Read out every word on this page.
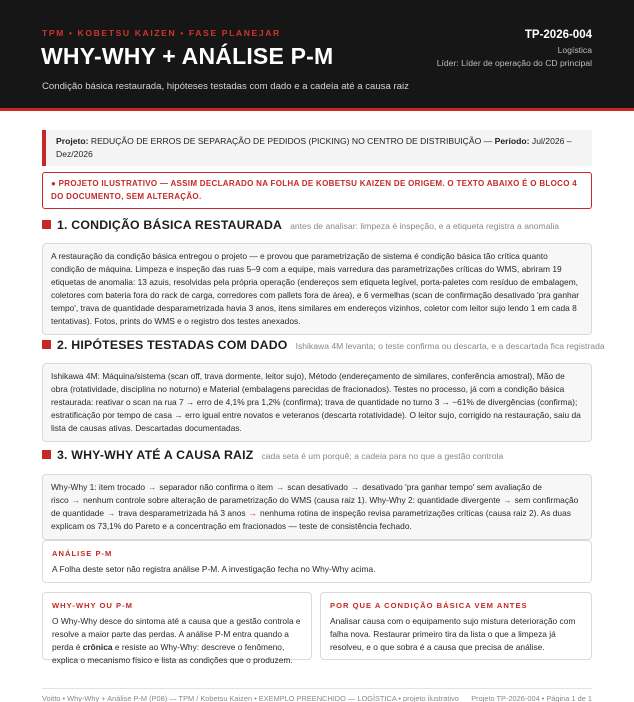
TPM • KOBETSU KAIZEN • FASE PLANEJAR
WHY-WHY + ANÁLISE P-M
Condição básica restaurada, hipóteses testadas com dado e a cadeia até a causa raiz
TP-2026-004
Logística
Líder: Líder de operação do CD principal
Projeto: REDUÇÃO DE ERROS DE SEPARAÇÃO DE PEDIDOS (PICKING) NO CENTRO DE DISTRIBUIÇÃO — Período: Jul/2026 – Dez/2026
● PROJETO ILUSTRATIVO — ASSIM DECLARADO NA FOLHA DE KOBETSU KAIZEN DE ORIGEM. O TEXTO ABAIXO É O BLOCO 4 DO DOCUMENTO, SEM ALTERAÇÃO.
1. CONDIÇÃO BÁSICA RESTAURADA antes de analisar: limpeza é inspeção, e a etiqueta registra a anomalia
A restauração da condição básica entregou o projeto — e provou que parametrização de sistema é condição básica tão crítica quanto condição de máquina. Limpeza e inspeção das ruas 5–9 com a equipe, mais varredura das parametrizações críticas do WMS, abriram 19 etiquetas de anomalia: 13 azuis, resolvidas pela própria operação (endereços sem etiqueta legível, porta-paletes com resíduo de embalagem, coletores com bateria fora do rack de carga, corredores com pallets fora de área), e 6 vermelhas (scan de confirmação desativado 'pra ganhar tempo', trava de quantidade desparametrizada havia 3 anos, itens similares em endereços vizinhos, coletor com leitor sujo lendo 1 em cada 8 tentativas). Fotos, prints do WMS e o registro dos testes anexados.
2. HIPÓTESES TESTADAS COM DADO Ishikawa 4M levanta; o teste confirma ou descarta, e a descartada fica registrada
Ishikawa 4M: Máquina/sistema (scan off, trava dormente, leitor sujo), Método (endereçamento de similares, conferência amostral), Mão de obra (rotatividade, disciplina no noturno) e Material (embalagens parecidas de fracionados). Testes no processo, já com a condição básica restaurada: reativar o scan na rua 7 → erro de 4,1% pra 1,2% (confirma); trava de quantidade no turno 3 → −61% de divergências (confirma); estratificação por tempo de casa → erro igual entre novatos e veteranos (descarta rotatividade). O leitor sujo, corrigido na restauração, saiu da lista de causas ativas. Descartadas documentadas.
3. WHY-WHY ATÉ A CAUSA RAIZ cada seta é um porquê; a cadeia para no que a gestão controla
Why-Why 1: item trocado → separador não confirma o item → scan desativado → desativado 'pra ganhar tempo' sem avaliação de risco → nenhum controle sobre alteração de parametrização do WMS (causa raiz 1). Why-Why 2: quantidade divergente → sem confirmação de quantidade → trava desparametrizada há 3 anos → nenhuma rotina de inspeção revisa parametrizações críticas (causa raiz 2). As duas explicam os 73,1% do Pareto e a concentração em fracionados — teste de consistência fechado.
ANÁLISE P-M
A Folha deste setor não registra análise P-M. A investigação fecha no Why-Why acima.
WHY-WHY OU P-M
O Why-Why desce do sintoma até a causa que a gestão controla e resolve a maior parte das perdas. A análise P-M entra quando a perda é crônica e resiste ao Why-Why: descreve o fenômeno, explica o mecanismo físico e lista as condições que o produzem.
POR QUE A CONDIÇÃO BÁSICA VEM ANTES
Analisar causa com o equipamento sujo mistura deterioração com falha nova. Restaurar primeiro tira da lista o que a limpeza já resolveu, e o que sobra é a causa que precisa de análise.
Voitto • Why-Why + Análise P-M (P08) — TPM / Kobetsu Kaizen • EXEMPLO PREENCHIDO — LOGÍSTICA • projeto ilustrativo Projeto TP-2026-004 • Página 1 de 1
